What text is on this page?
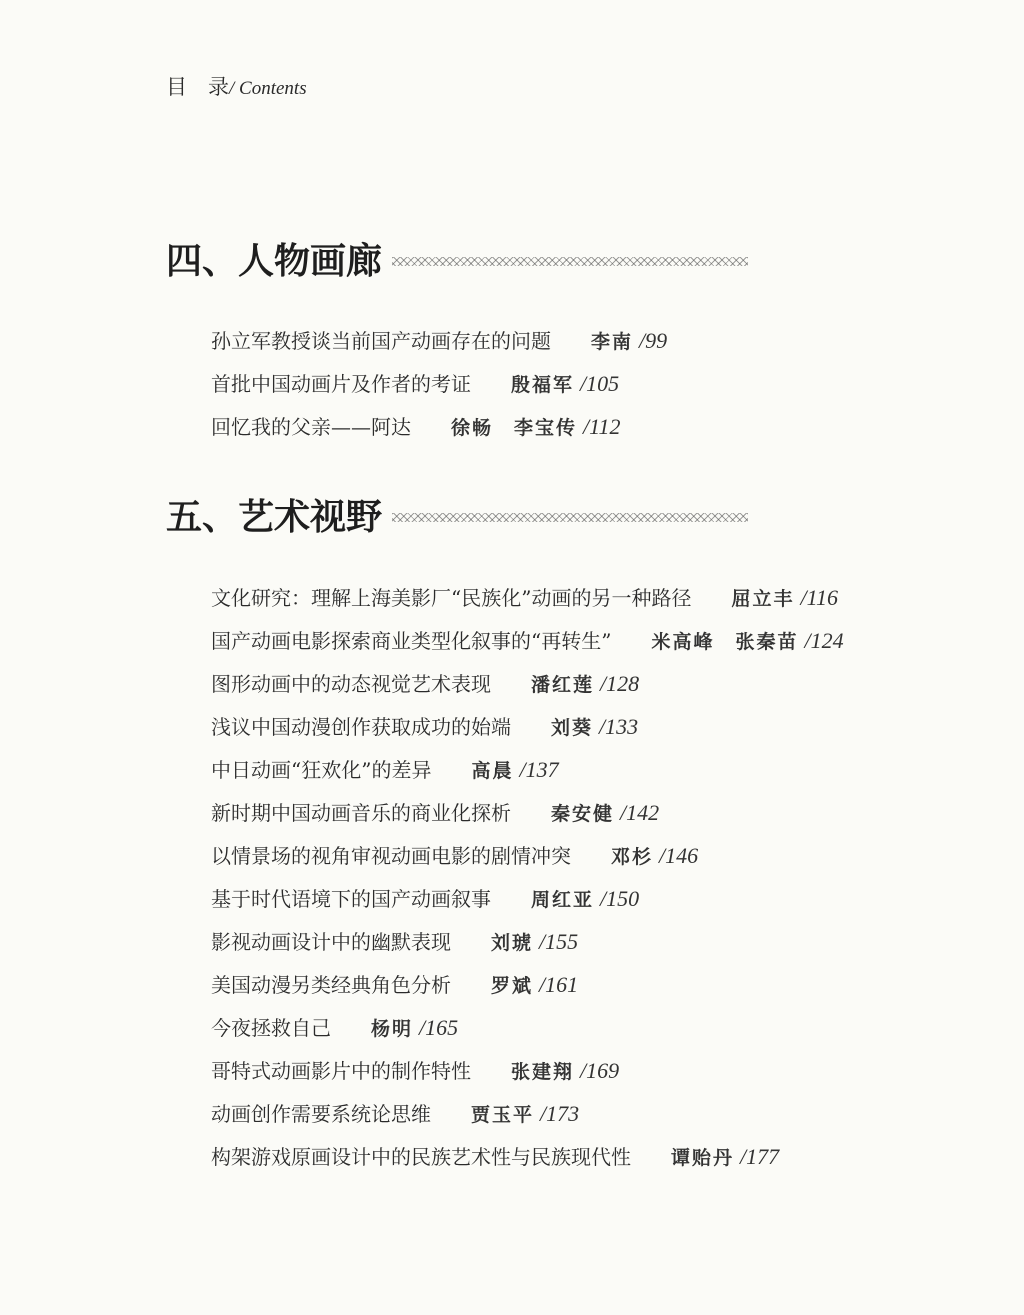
目　录/ Contents
四、人物画廊
孙立军教授谈当前国产动画存在的问题 李南 /99
首批中国动画片及作者的考证 殷福军 /105
回忆我的父亲——阿达 徐畅　李宝传 /112
五、艺术视野
文化研究：理解上海美影厂“民族化”动画的另一种路径 屈立丰 /116
国产动画电影探索商业类型化叙事的“再转生” 米高峰　张秦苗 /124
图形动画中的动态视觉艺术表现 潘红莲 /128
浅议中国动漫创作获取成功的始端 刘葵 /133
中日动画“狂欢化”的差异 高晨 /137
新时期中国动画音乐的商业化探析 秦安健 /142
以情景场的视角审视动画电影的剧情冲突 邓杉 /146
基于时代语境下的国产动画叙事 周红亚 /150
影视动画设计中的幽默表现 刘琥 /155
美国动漫另类经典角色分析 罗斌 /161
今夜拯救自己 杨明 /165
哥特式动画影片中的制作特性 张建翔 /169
动画创作需要系统论思维 贾玉平 /173
构架游戏原画设计中的民族艺术性与民族现代性 谭贻丹 /177
